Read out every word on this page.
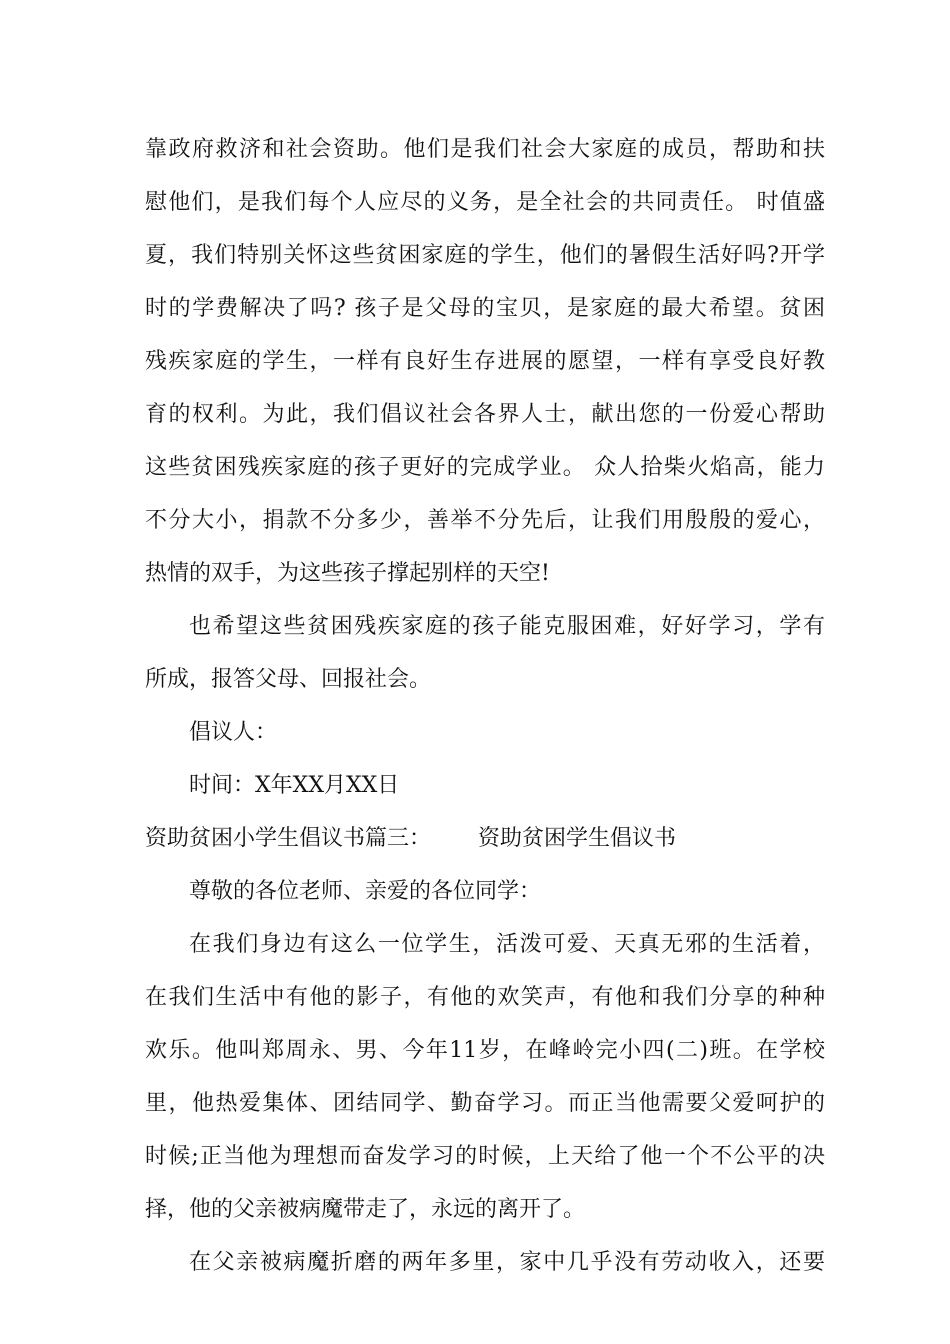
靠政府救济和社会资助。他们是我们社会大家庭的成员，帮助和扶
慰他们，是我们每个人应尽的义务，是全社会的共同责任。 时值盛
夏，我们特别关怀这些贫困家庭的学生，他们的暑假生活好吗?开学
时的学费解决了吗? 孩子是父母的宝贝，是家庭的最大希望。贫困
残疾家庭的学生，一样有良好生存进展的愿望，一样有享受良好教
育的权利。为此，我们倡议社会各界人士，献出您的一份爱心帮助
这些贫困残疾家庭的孩子更好的完成学业。 众人拾柴火焰高，能力
不分大小，捐款不分多少，善举不分先后，让我们用殷殷的爱心，
热情的双手，为这些孩子撑起别样的天空!
也希望这些贫困残疾家庭的孩子能克服困难，好好学习，学有
所成，报答父母、回报社会。
倡议人：
时间：X年XX月XX日
资助贫困小学生倡议书篇三： 资助贫困学生倡议书
尊敬的各位老师、亲爱的各位同学：
在我们身边有这么一位学生，活泼可爱、天真无邪的生活着，
在我们生活中有他的影子，有他的欢笑声，有他和我们分享的种种
欢乐。他叫郑周永、男、今年11岁，在峰岭完小四(二)班。在学校
里，他热爱集体、团结同学、勤奋学习。而正当他需要父爱呵护的
时候;正当他为理想而奋发学习的时候，上天给了他一个不公平的决
择，他的父亲被病魔带走了，永远的离开了。
在父亲被病魔折磨的两年多里，家中几乎没有劳动收入，还要
